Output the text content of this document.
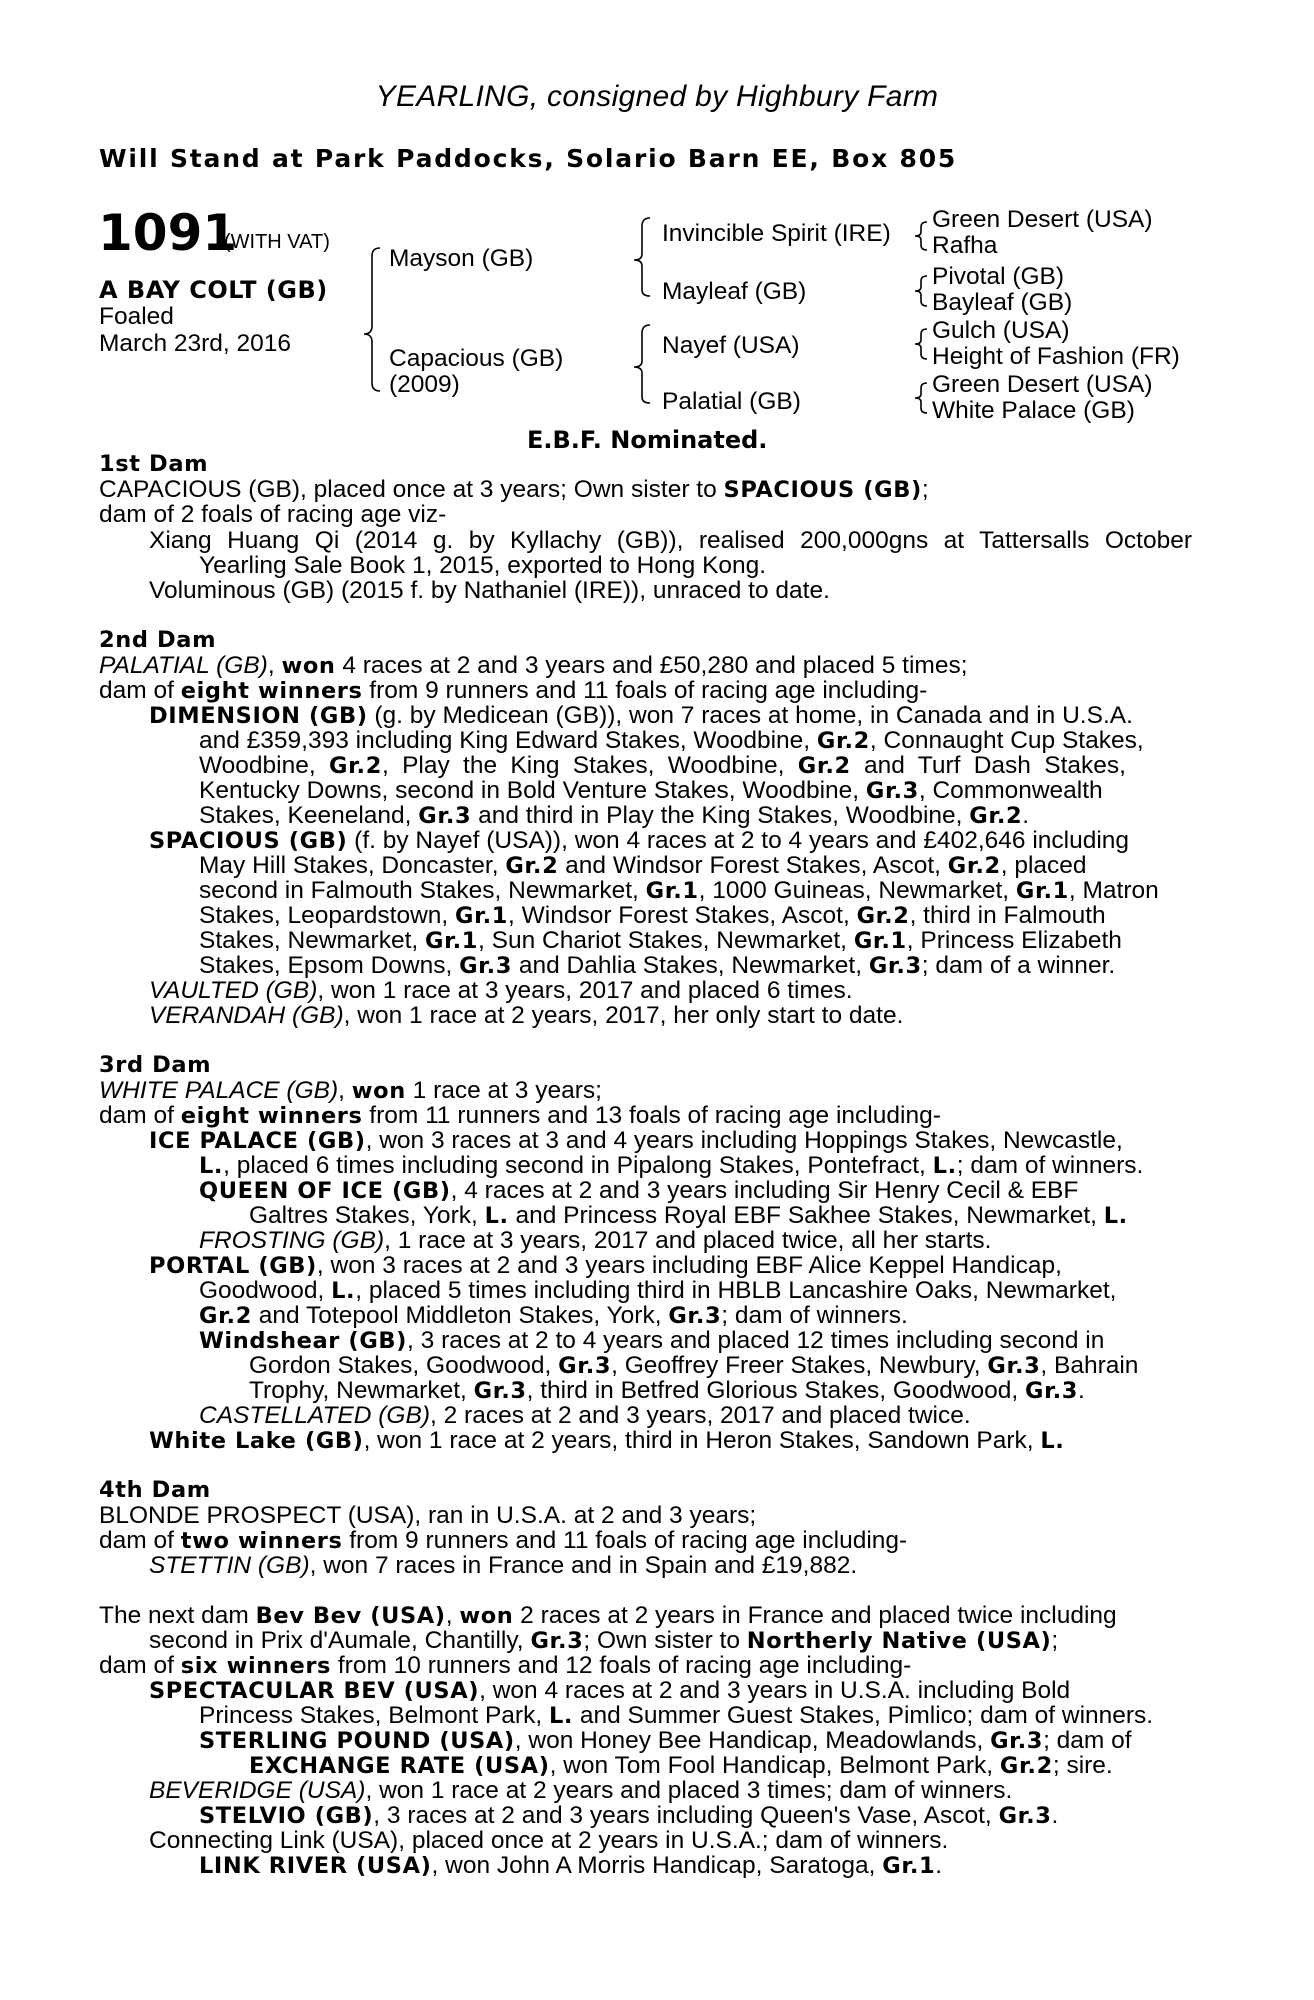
YEARLING, consigned by Highbury Farm
Will Stand at Park Paddocks, Solario Barn EE, Box 805
1091
(WITH VAT)
A BAY COLT (GB)
Foaled
March 23rd, 2016
Mayson (GB)
Capacious (GB)
(2009)
Invincible Spirit (IRE)
Mayleaf (GB)
Nayef (USA)
Palatial (GB)
Green Desert (USA)
Rafha
Pivotal (GB)
Bayleaf (GB)
Gulch (USA)
Height of Fashion (FR)
Green Desert (USA)
White Palace (GB)
E.B.F. Nominated.
1st Dam
CAPACIOUS (GB), placed once at 3 years; Own sister to SPACIOUS (GB);
dam of 2 foals of racing age viz-
Xiang Huang Qi (2014 g. by Kyllachy (GB)), realised 200,000gns at Tattersalls October
Yearling Sale Book 1, 2015, exported to Hong Kong.
Voluminous (GB) (2015 f. by Nathaniel (IRE)), unraced to date.
2nd Dam
PALATIAL (GB), won 4 races at 2 and 3 years and £50,280 and placed 5 times;
dam of eight winners from 9 runners and 11 foals of racing age including-
DIMENSION (GB) (g. by Medicean (GB)), won 7 races at home, in Canada and in U.S.A.
and £359,393 including King Edward Stakes, Woodbine, Gr.2, Connaught Cup Stakes,
Woodbine, Gr.2, Play the King Stakes, Woodbine, Gr.2 and Turf Dash Stakes,
Kentucky Downs, second in Bold Venture Stakes, Woodbine, Gr.3, Commonwealth
Stakes, Keeneland, Gr.3 and third in Play the King Stakes, Woodbine, Gr.2.
SPACIOUS (GB) (f. by Nayef (USA)), won 4 races at 2 to 4 years and £402,646 including
May Hill Stakes, Doncaster, Gr.2 and Windsor Forest Stakes, Ascot, Gr.2, placed
second in Falmouth Stakes, Newmarket, Gr.1, 1000 Guineas, Newmarket, Gr.1, Matron
Stakes, Leopardstown, Gr.1, Windsor Forest Stakes, Ascot, Gr.2, third in Falmouth
Stakes, Newmarket, Gr.1, Sun Chariot Stakes, Newmarket, Gr.1, Princess Elizabeth
Stakes, Epsom Downs, Gr.3 and Dahlia Stakes, Newmarket, Gr.3; dam of a winner.
VAULTED (GB), won 1 race at 3 years, 2017 and placed 6 times.
VERANDAH (GB), won 1 race at 2 years, 2017, her only start to date.
3rd Dam
WHITE PALACE (GB), won 1 race at 3 years;
dam of eight winners from 11 runners and 13 foals of racing age including-
ICE PALACE (GB), won 3 races at 3 and 4 years including Hoppings Stakes, Newcastle,
L., placed 6 times including second in Pipalong Stakes, Pontefract, L.; dam of winners.
QUEEN OF ICE (GB), 4 races at 2 and 3 years including Sir Henry Cecil & EBF
Galtres Stakes, York, L. and Princess Royal EBF Sakhee Stakes, Newmarket, L.
FROSTING (GB), 1 race at 3 years, 2017 and placed twice, all her starts.
PORTAL (GB), won 3 races at 2 and 3 years including EBF Alice Keppel Handicap,
Goodwood, L., placed 5 times including third in HBLB Lancashire Oaks, Newmarket,
Gr.2 and Totepool Middleton Stakes, York, Gr.3; dam of winners.
Windshear (GB), 3 races at 2 to 4 years and placed 12 times including second in
Gordon Stakes, Goodwood, Gr.3, Geoffrey Freer Stakes, Newbury, Gr.3, Bahrain
Trophy, Newmarket, Gr.3, third in Betfred Glorious Stakes, Goodwood, Gr.3.
CASTELLATED (GB), 2 races at 2 and 3 years, 2017 and placed twice.
White Lake (GB), won 1 race at 2 years, third in Heron Stakes, Sandown Park, L.
4th Dam
BLONDE PROSPECT (USA), ran in U.S.A. at 2 and 3 years;
dam of two winners from 9 runners and 11 foals of racing age including-
STETTIN (GB), won 7 races in France and in Spain and £19,882.
The next dam Bev Bev (USA), won 2 races at 2 years in France and placed twice including
second in Prix d'Aumale, Chantilly, Gr.3; Own sister to Northerly Native (USA);
dam of six winners from 10 runners and 12 foals of racing age including-
SPECTACULAR BEV (USA), won 4 races at 2 and 3 years in U.S.A. including Bold
Princess Stakes, Belmont Park, L. and Summer Guest Stakes, Pimlico; dam of winners.
STERLING POUND (USA), won Honey Bee Handicap, Meadowlands, Gr.3; dam of
EXCHANGE RATE (USA), won Tom Fool Handicap, Belmont Park, Gr.2; sire.
BEVERIDGE (USA), won 1 race at 2 years and placed 3 times; dam of winners.
STELVIO (GB), 3 races at 2 and 3 years including Queen's Vase, Ascot, Gr.3.
Connecting Link (USA), placed once at 2 years in U.S.A.; dam of winners.
LINK RIVER (USA), won John A Morris Handicap, Saratoga, Gr.1.
